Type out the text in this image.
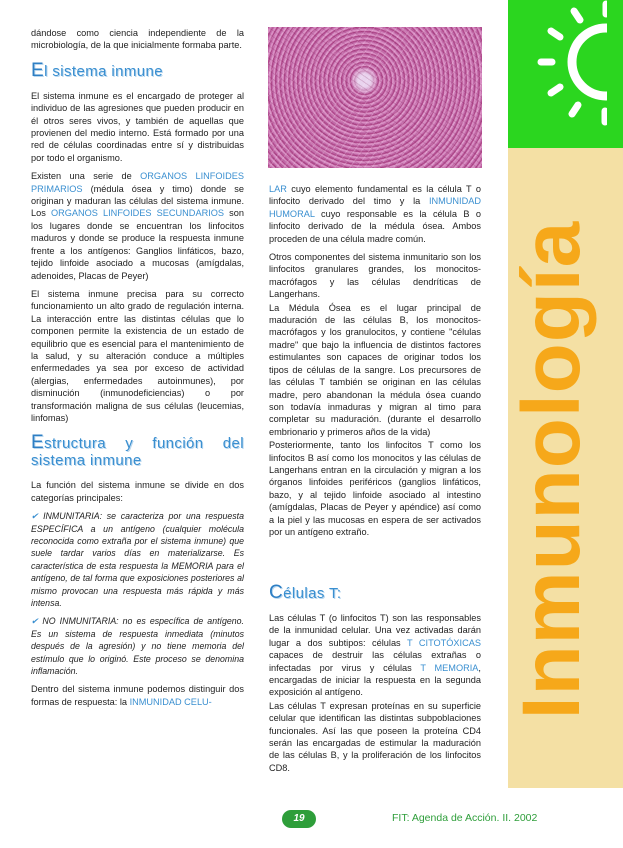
dándose como ciencia independiente de la microbiología, de la que inicialmente formaba parte.

El sistema inmune

El sistema inmune es el encargado de proteger al individuo de las agresiones que pueden producir en él otros seres vivos, y también de aquellas que provienen del medio interno. Está formado por una red de células coordinadas entre sí y distribuidas por todo el organismo.

Existen una serie de ORGANOS LINFOIDES PRIMARIOS (médula ósea y timo) donde se originan y maduran las células del sistema inmune. Los ORGANOS LINFOIDES SECUNDARIOS son los lugares donde se encuentran los linfocitos maduros y donde se produce la respuesta inmune frente a los antígenos: Ganglios linfáticos, bazo, tejido linfoide asociado a mucosas (amígdalas, adenoides, Placas de Peyer)

El sistema inmune precisa para su correcto funcionamiento un alto grado de regulación interna. La interacción entre las distintas células que lo componen permite la existencia de un estado de equilibrio que es esencial para el mantenimiento de la salud, y su alteración conduce a múltiples enfermedades ya sea por exceso de actividad (alergias, enfermedades autoinmunes), por disminución (inmunodeficiencias) o por transformación maligna de sus células (leucemias, linfomas)

Estructura y función del sistema inmune

La función del sistema inmune se divide en dos categorías principales:

✔ INMUNITARIA: se caracteriza por una respuesta ESPECÍFICA a un antígeno (cualquier molécula reconocida como extraña por el sistema inmune) que suele tardar varios días en materializarse. Es característica de esta respuesta la MEMORIA para el antígeno, de tal forma que exposiciones posteriores al mismo provocan una respuesta más rápida y más intensa.

✔ NO INMUNITARIA: no es específica de antígeno. Es un sistema de respuesta inmediata (minutos después de la agresión) y no tiene memoria del estímulo que lo originó. Este proceso se denomina inflamación.

Dentro del sistema inmune podemos distinguir dos formas de respuesta: la INMUNIDAD CELU-

LAR cuyo elemento fundamental es la célula T o linfocito derivado del timo y la INMUNIDAD HUMORAL cuyo responsable es la célula B o linfocito derivado de la médula ósea. Ambos proceden de una célula madre común.

Otros componentes del sistema inmunitario son los linfocitos granulares grandes, los monocitos-macrófagos y las células dendríticas de Langerhans.

La Médula Ósea es el lugar principal de maduración de las células B, los monocitos-macrófagos y los granulocitos, y contiene "células madre" que bajo la influencia de distintos factores estimulantes son capaces de originar todos los tipos de células de la sangre. Los precursores de las células T también se originan en las células madre, pero abandonan la médula ósea cuando son todavía inmaduras y migran al timo para completar su maduración. (durante el desarrollo embrionario y primeros años de la vida)

Posteriormente, tanto los linfocitos T como los linfocitos B así como los monocitos y las células de Langerhans entran en la circulación y migran a los órganos linfoides periféricos (ganglios linfáticos, bazo, y al tejido linfoide asociado al intestino (amígdalas, Placas de Peyer y apéndice) así como a la piel y las mucosas en espera de ser activados por un antígeno extraño.

Células T:

Las células T (o linfocitos T) son las responsables de la inmunidad celular. Una vez activadas darán lugar a dos subtipos: células T CITOTÓXICAS capaces de destruir las células extrañas o infectadas por virus y células T MEMORIA, encargadas de iniciar la respuesta en la segunda exposición al antígeno.

Las células T expresan proteínas en su superficie celular que identifican las distintas subpoblaciones funcionales. Así las que poseen la proteína CD4 serán las encargadas de estimular la maduración de las células B, y la proliferación de los linfocitos CD8.

Inmunología
19	FIT: Agenda de Acción. II. 2002
